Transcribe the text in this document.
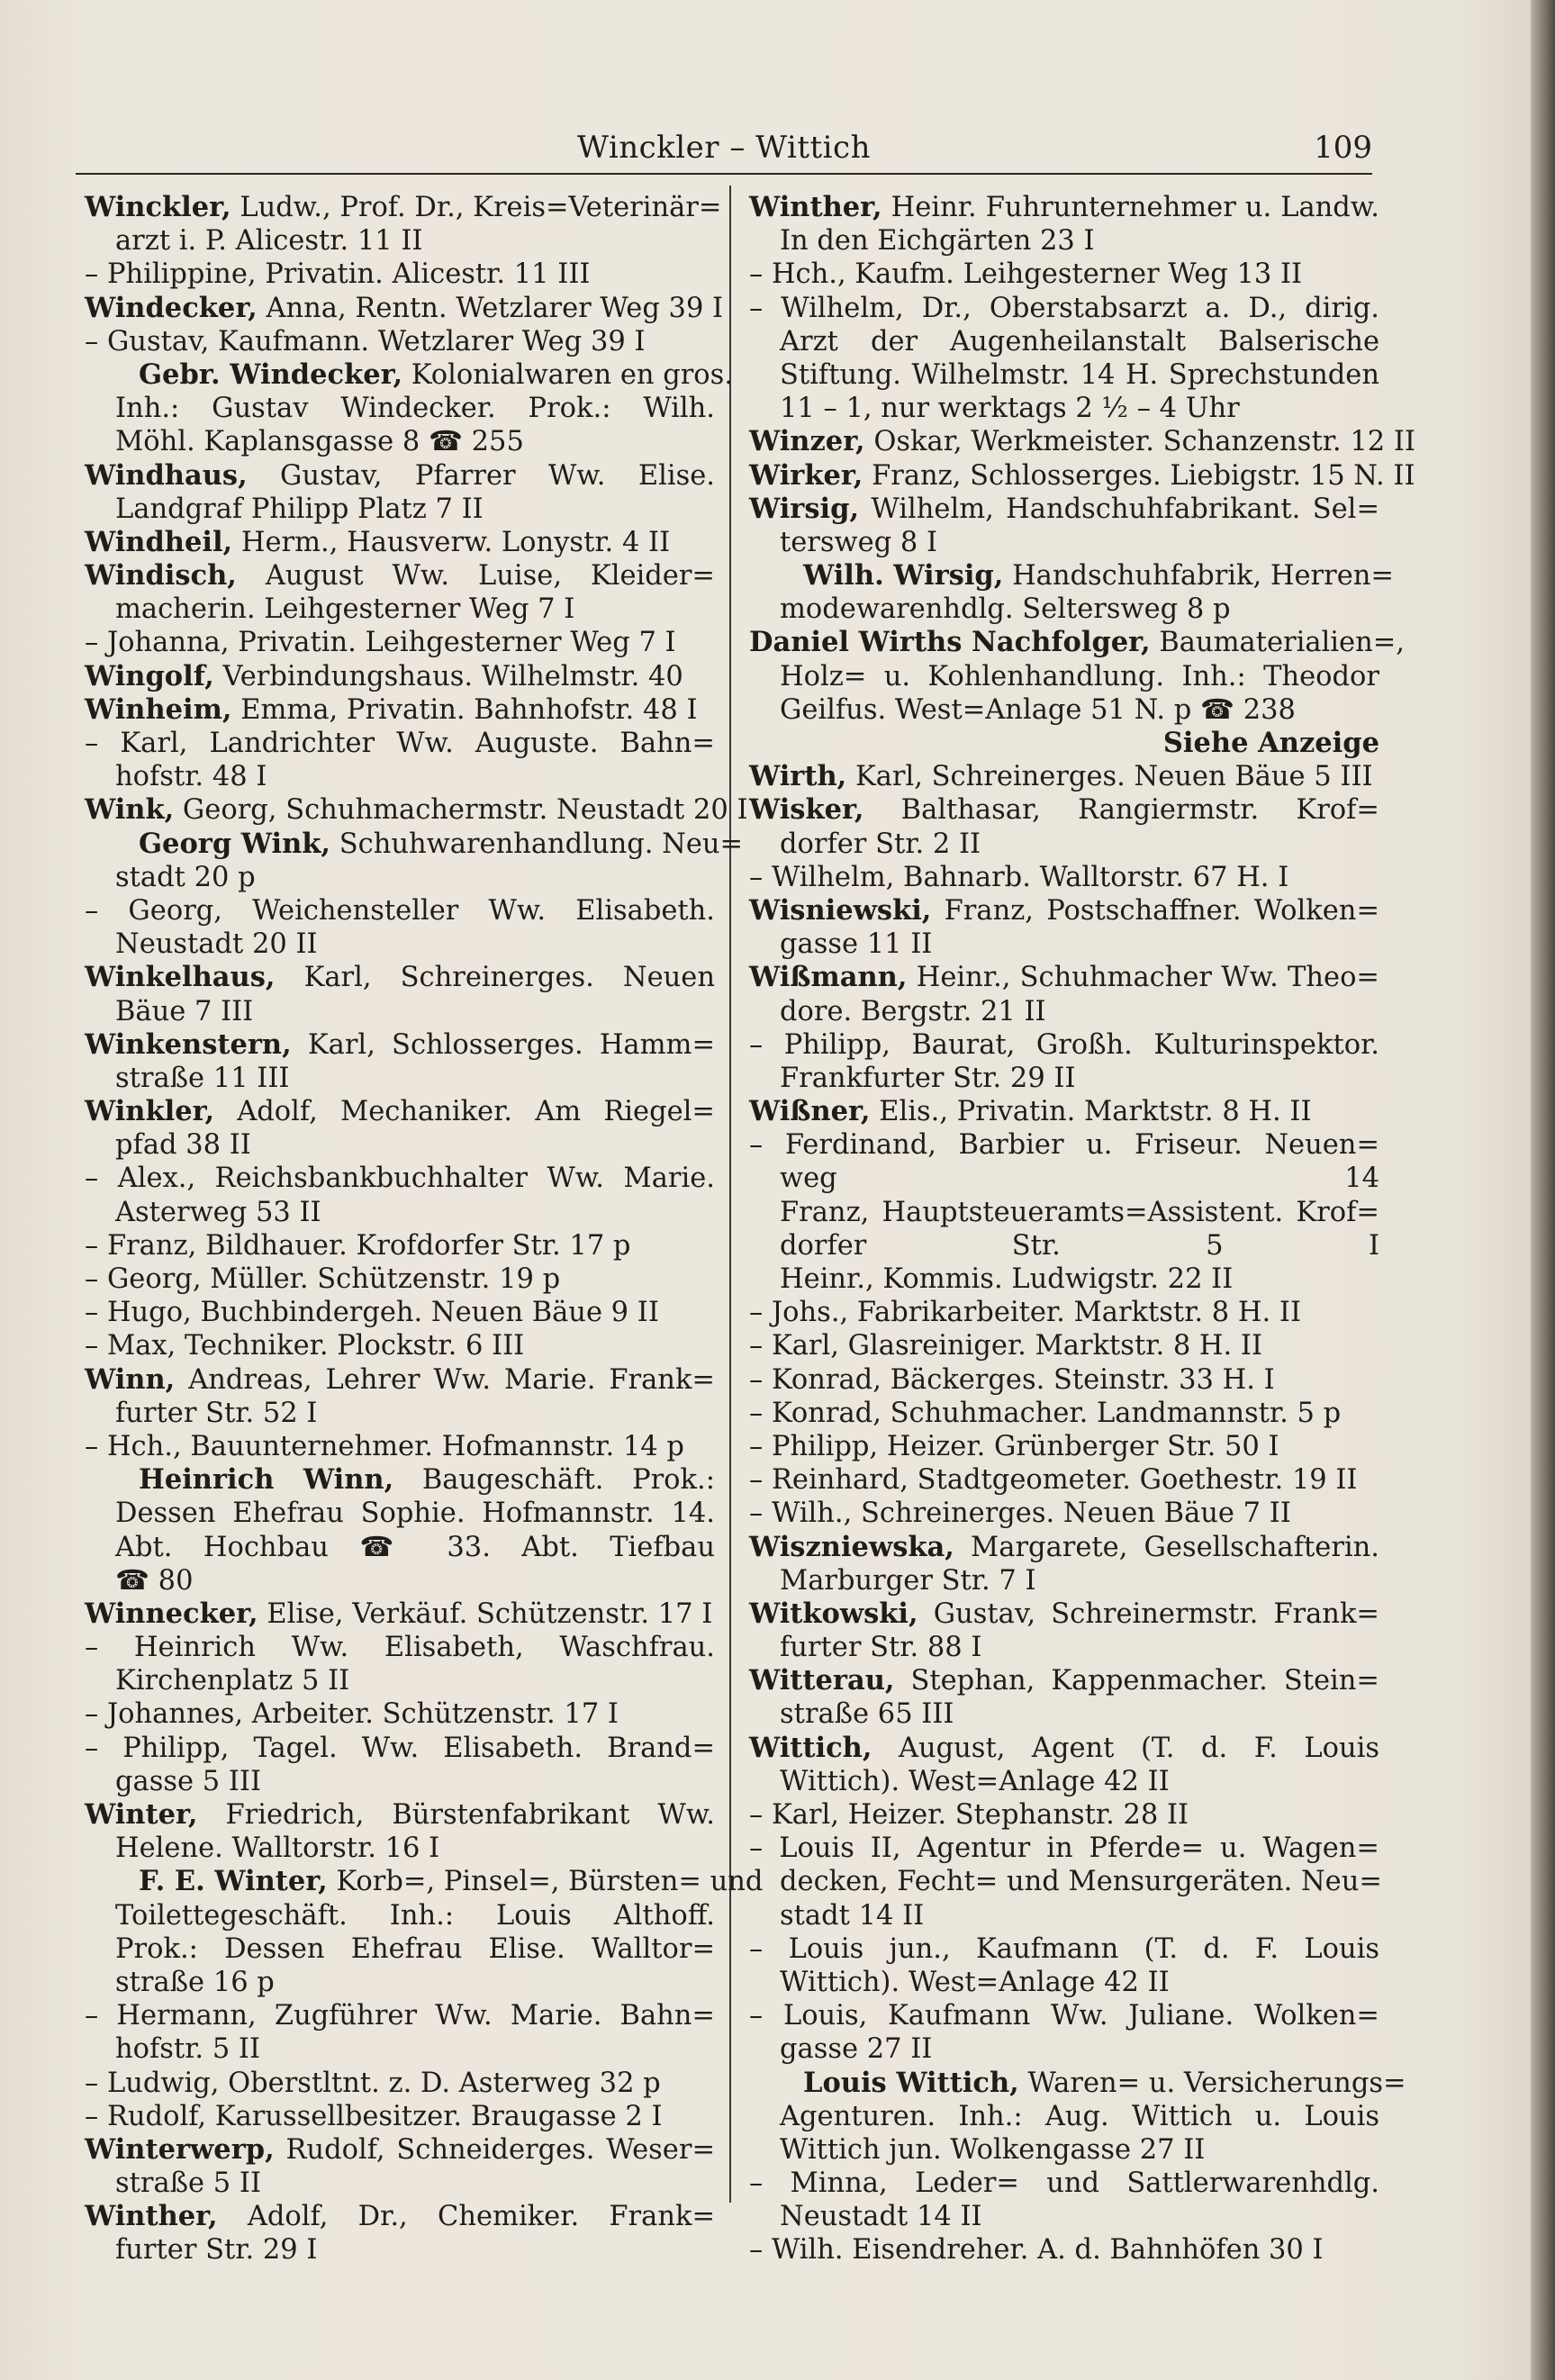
Winckler – Wittich	109
Winckler, Ludw., Prof. Dr., Kreis=Veterinär=
arzt i. P. Alicestr. 11 II
– Philippine, Privatin. Alicestr. 11 III
Windecker, Anna, Rentn. Wetzlarer Weg 39 I
– Gustav, Kaufmann. Wetzlarer Weg 39 I
Gebr. Windecker, Kolonialwaren en gros.
Inh.: Gustav Windecker. Prok.: Wilh.
Möhl. Kaplansgasse 8 ☎ 255
Windhaus, Gustav, Pfarrer Ww. Elise.
Landgraf Philipp Platz 7 II
Windheil, Herm., Hausverw. Lonystr. 4 II
Windisch, August Ww. Luise, Kleider=
macherin. Leihgesterner Weg 7 I
– Johanna, Privatin. Leihgesterner Weg 7 I
Wingolf, Verbindungshaus. Wilhelmstr. 40
Winheim, Emma, Privatin. Bahnhofstr. 48 I
– Karl, Landrichter Ww. Auguste. Bahn=
hofstr. 48 I
Wink, Georg, Schuhmachermstr. Neustadt 20 I
Georg Wink, Schuhwarenhandlung. Neu=
stadt 20 p
– Georg, Weichensteller Ww. Elisabeth.
Neustadt 20 II
Winkelhaus, Karl, Schreinerges. Neuen
Bäue 7 III
Winkenstern, Karl, Schlosserges. Hamm=
straße 11 III
Winkler, Adolf, Mechaniker. Am Riegel=
pfad 38 II
– Alex., Reichsbankbuchhalter Ww. Marie.
Asterweg 53 II
– Franz, Bildhauer. Krofdorfer Str. 17 p
– Georg, Müller. Schützenstr. 19 p
– Hugo, Buchbindergeh. Neuen Bäue 9 II
– Max, Techniker. Plockstr. 6 III
Winn, Andreas, Lehrer Ww. Marie. Frank=
furter Str. 52 I
– Hch., Bauunternehmer. Hofmannstr. 14 p
Heinrich Winn, Baugeschäft. Prok.:
Dessen Ehefrau Sophie. Hofmannstr. 14.
Abt. Hochbau ☎ 33. Abt. Tiefbau
☎ 80
Winnecker, Elise, Verkäuf. Schützenstr. 17 I
– Heinrich Ww. Elisabeth, Waschfrau.
Kirchenplatz 5 II
– Johannes, Arbeiter. Schützenstr. 17 I
– Philipp, Tagel. Ww. Elisabeth. Brand=
gasse 5 III
Winter, Friedrich, Bürstenfabrikant Ww.
Helene. Walltorstr. 16 I
F. E. Winter, Korb=, Pinsel=, Bürsten= und
Toilettegeschäft. Inh.: Louis Althoff.
Prok.: Dessen Ehefrau Elise. Walltor=
straße 16 p
– Hermann, Zugführer Ww. Marie. Bahn=
hofstr. 5 II
– Ludwig, Oberstltnt. z. D. Asterweg 32 p
– Rudolf, Karussellbesitzer. Braugasse 2 I
Winterwerp, Rudolf, Schneiderges. Weser=
straße 5 II
Winther, Adolf, Dr., Chemiker. Frank=
furter Str. 29 I
Winther, Heinr. Fuhrunternehmer u. Landw.
In den Eichgärten 23 I
– Hch., Kaufm. Leihgesterner Weg 13 II
– Wilhelm, Dr., Oberstabsarzt a. D., dirig.
Arzt der Augenheilanstalt Balserische
Stiftung. Wilhelmstr. 14 H. Sprechstunden
11 – 1, nur werktags 2 ½ – 4 Uhr
Winzer, Oskar, Werkmeister. Schanzenstr. 12 II
Wirker, Franz, Schlosserges. Liebigstr. 15 N. II
Wirsig, Wilhelm, Handschuhfabrikant. Sel=
tersweg 8 I
Wilh. Wirsig, Handschuhfabrik, Herren=
modewarenhdlg. Seltersweg 8 p
Daniel Wirths Nachfolger, Baumaterialien=,
Holz= u. Kohlenhandlung. Inh.: Theodor
Geilfus. West=Anlage 51 N. p ☎ 238
Siehe Anzeige
Wirth, Karl, Schreinerges. Neuen Bäue 5 III
Wisker, Balthasar, Rangiermstr. Krof=
dorfer Str. 2 II
– Wilhelm, Bahnarb. Walltorstr. 67 H. I
Wisniewski, Franz, Postschaffner. Wolken=
gasse 11 II
Wißmann, Heinr., Schuhmacher Ww. Theo=
dore. Bergstr. 21 II
– Philipp, Baurat, Großh. Kulturinspektor.
Frankfurter Str. 29 II
Wißner, Elis., Privatin. Marktstr. 8 H. II
– Ferdinand, Barbier u. Friseur. Neuen=
weg 14
Franz, Hauptsteueramts=Assistent. Krof=
dorfer Str. 5 I
Heinr., Kommis. Ludwigstr. 22 II
– Johs., Fabrikarbeiter. Marktstr. 8 H. II
– Karl, Glasreiniger. Marktstr. 8 H. II
– Konrad, Bäckerges. Steinstr. 33 H. I
– Konrad, Schuhmacher. Landmannstr. 5 p
– Philipp, Heizer. Grünberger Str. 50 I
– Reinhard, Stadtgeometer. Goethestr. 19 II
– Wilh., Schreinerges. Neuen Bäue 7 II
Wiszniewska, Margarete, Gesellschafterin.
Marburger Str. 7 I
Witkowski, Gustav, Schreinermstr. Frank=
furter Str. 88 I
Witterau, Stephan, Kappenmacher. Stein=
straße 65 III
Wittich, August, Agent (T. d. F. Louis
Wittich). West=Anlage 42 II
– Karl, Heizer. Stephanstr. 28 II
– Louis II, Agentur in Pferde= u. Wagen=
decken, Fecht= und Mensurgeräten. Neu=
stadt 14 II
– Louis jun., Kaufmann (T. d. F. Louis
Wittich). West=Anlage 42 II
– Louis, Kaufmann Ww. Juliane. Wolken=
gasse 27 II
Louis Wittich, Waren= u. Versicherungs=
Agenturen. Inh.: Aug. Wittich u. Louis
Wittich jun. Wolkengasse 27 II
– Minna, Leder= und Sattlerwarenhdlg.
Neustadt 14 II
– Wilh. Eisendreher. A. d. Bahnhöfen 30 I
